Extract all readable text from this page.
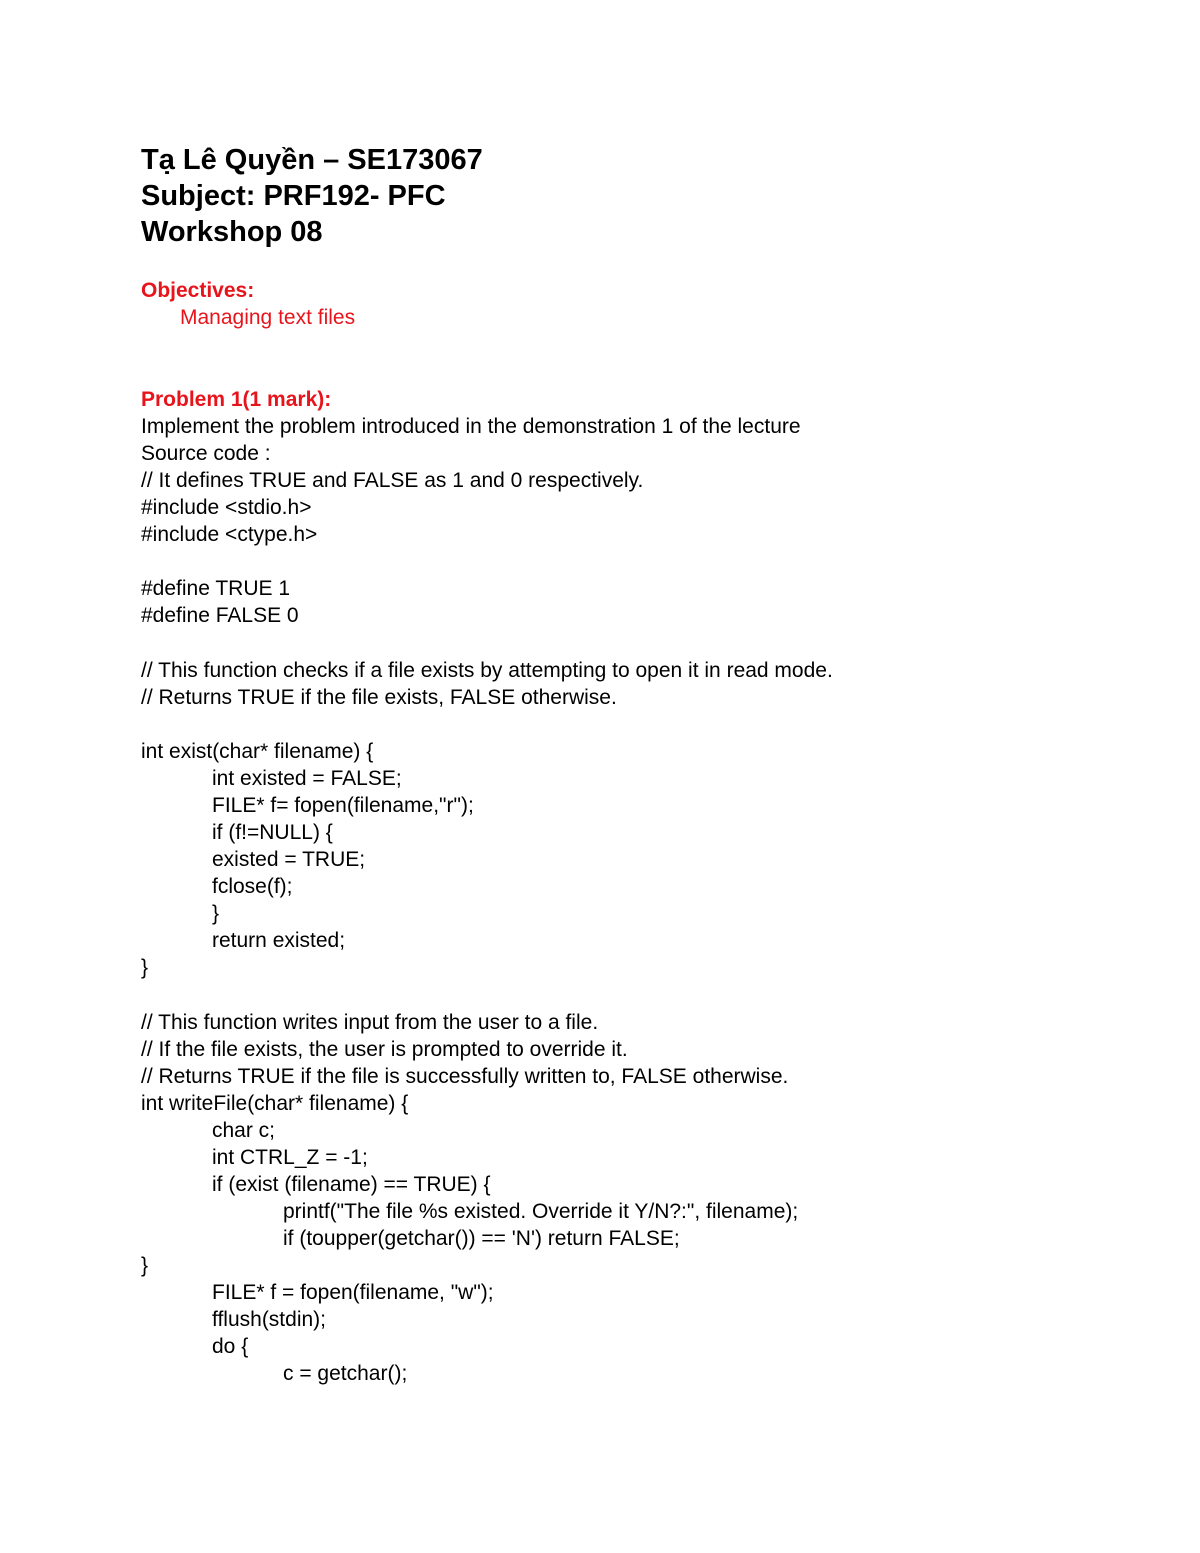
Tạ Lê Quyền – SE173067
Subject: PRF192- PFC
Workshop 08
Objectives:
Managing text files
Problem 1(1 mark):
Implement the problem introduced in the demonstration 1 of the lecture
Source code :
// It defines TRUE and FALSE as 1 and 0 respectively.
#include <stdio.h>
#include <ctype.h>
#define TRUE 1
#define FALSE 0
// This function checks if a file exists by attempting to open it in read mode.
// Returns TRUE if the file exists, FALSE otherwise.
int exist(char* filename) {
int existed = FALSE;
FILE* f= fopen(filename,"r");
if (f!=NULL) {
existed = TRUE;
fclose(f);
}
return existed;
}
// This function writes input from the user to a file.
// If the file exists, the user is prompted to override it.
// Returns TRUE if the file is successfully written to, FALSE otherwise.
int writeFile(char* filename) {
char c;
int CTRL_Z = -1;
if (exist (filename) == TRUE) {
printf("The file %s existed. Override it Y/N?:", filename);
if (toupper(getchar()) == 'N') return FALSE;
}
FILE* f = fopen(filename, "w");
fflush(stdin);
do {
c = getchar();
